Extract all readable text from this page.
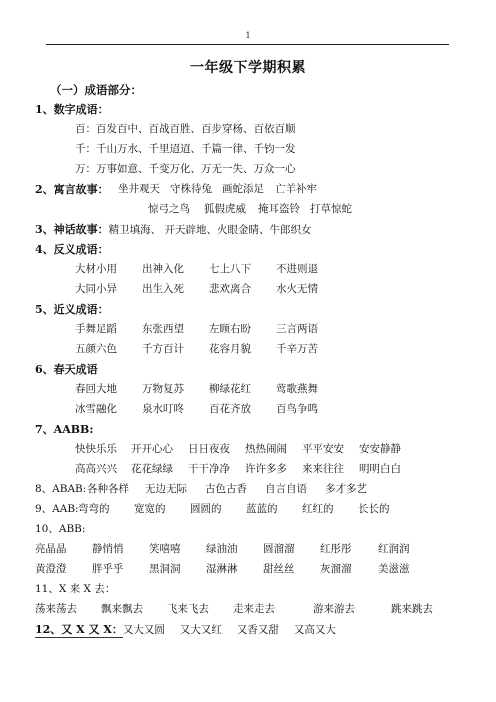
1
一年级下学期积累
（一）成语部分：
1、数字成语：
百：百发百中、百战百胜、百步穿杨、百依百顺
千：千山万水、千里迢迢、千篇一律、千钧一发
万：万事如意、千变万化、万无一失、万众一心
2、寓言故事： 坐井观天 守株待兔 画蛇添足 亡羊补牢
惊弓之鸟 狐假虎威 掩耳盗铃 打草惊蛇
3、神话故事：精卫填海、 开天辟地、火眼金睛、牛郎织女
4、反义成语：
大材小用 出神入化 七上八下 不进则退
大同小异 出生入死 悲欢离合 水火无情
5、近义成语：
手舞足蹈 东张西望 左顾右盼 三言两语
五颜六色 千方百计 花容月貌 千辛万苦
6、春天成语
春回大地 万物复苏 柳绿花红 莺歌燕舞
冰雪融化 泉水叮咚 百花齐放 百鸟争鸣
7、AABB:
快快乐乐 开开心心 日日夜夜 热热闹闹 平平安安 安安静静
高高兴兴 花花绿绿 干干净净 许许多多 来来往往 明明白白
8、ABAB:各种各样 无边无际 古色古香 自言自语 多才多艺
9、AAB:弯弯的 宽宽的 圆圆的 蓝蓝的 红红的 长长的
10、ABB:
亮晶晶 静悄悄 笑嘻嘻 绿油油 圆溜溜 红彤彤	红润润
黄澄澄 胖乎乎 黑洞洞 湿淋淋 甜丝丝 灰溜溜	美滋滋
11、X 来 X 去：
荡来荡去 飘来飘去 飞来飞去 走来走去	游来游去	跳来跳去
12、又 X 又 X：又大又圆 又大又红 又香又甜 又高又大
